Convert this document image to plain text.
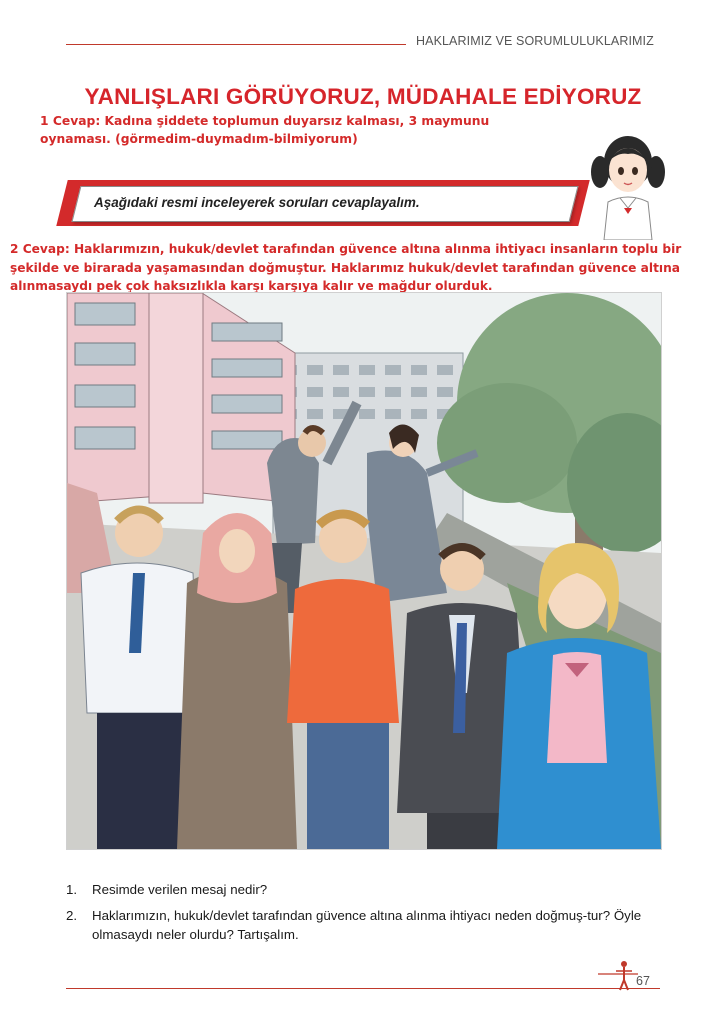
HAKLARIMIZ VE SORUMLULUKLARIMIZ
YANLIŞLARI GÖRÜYORUZ, MÜDAHALE EDİYORUZ
1 Cevap: Kadına şiddete toplumun duyarsız kalması, 3 maymunu oynaması. (görmedim-duymadım-bilmiyorum)
Aşağıdaki resmi inceleyerek soruları cevaplayalım.
2 Cevap: Haklarımızın, hukuk/devlet tarafından güvence altına alınma ihtiyacı insanların toplu bir şekilde ve birarada yaşamasından doğmuştur. Haklarımız hukuk/devlet tarafından güvence altına alınmasaydı pek çok haksızlıkla karşı karşıya kalır ve mağdur olurduk.
1.	Resimde verilen mesaj nedir?
2.	Haklarımızın, hukuk/devlet tarafından güvence altına alınma ihtiyacı neden doğmuş-tur? Öyle olmasaydı neler olurdu? Tartışalım.
67
